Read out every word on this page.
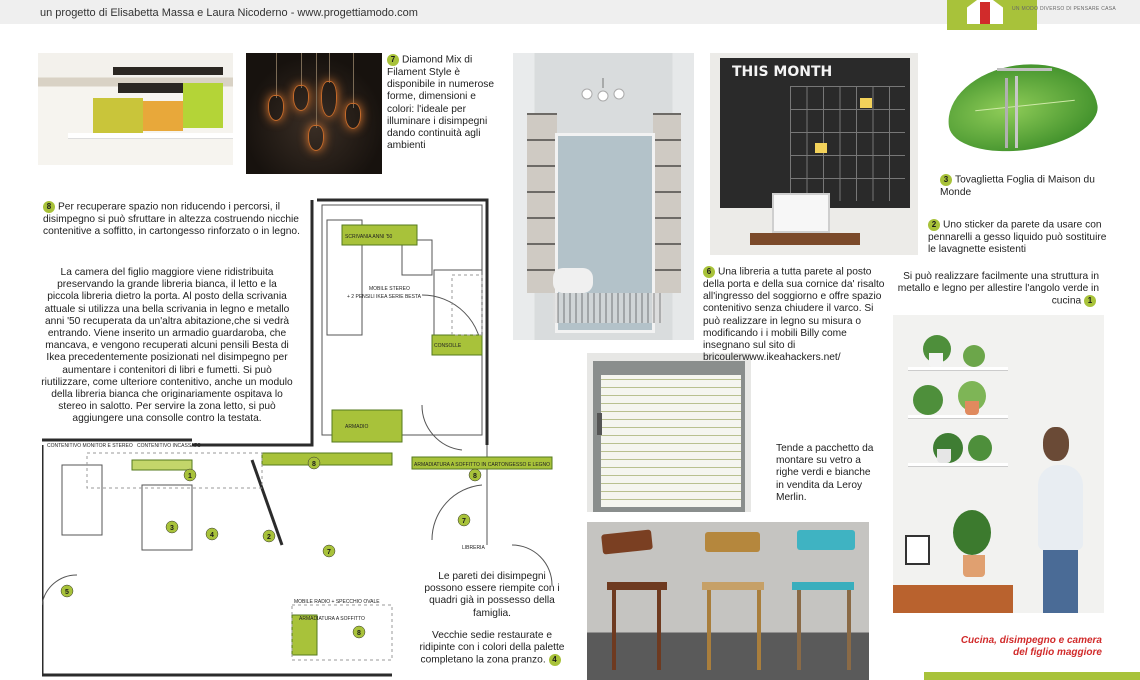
un progetto di Elisabetta Massa e Laura Nicoderno - www.progettiamodo.com	UN MODO DIVERSO DI PENSARE CASA
THIS MONTH
SCRIVANIA ANNI '50
MOBILE STEREO
+ 2 PENSILI IKEA SERIE BESTA
CONSOLLE
ARMADIO
ARMADIATURA A SOFFITTO IN CARTONGESSO E LEGNO
CONTENITIVO MONITOR E STEREO CONTENITIVO INCASSATO
MOBILE RADIO + SPECCHIO OVALE
ARMADIATURA A SOFFITTO
LIBRERIA
1
2
3
4
5
7
7
8
8
8
7 Diamond Mix di Filament Style è disponibile in numerose forme, dimensioni e colori: l'ideale per illuminare i disimpegni dando continuità agli ambienti
8 Per recuperare spazio non riducendo i percorsi, il disimpegno si può sfruttare in altezza costruendo nicchie contenitive a soffitto, in cartongesso rinforzato o in legno.
La camera del figlio maggiore viene ridistribuita preservando la grande libreria bianca, il letto e la piccola libreria dietro la porta. Al posto della scrivania attuale si utilizza una bella scrivania in legno e metallo anni '50 recuperata da un'altra abitazione,che si vedrà entrando. Viene inserito un armadio guardaroba, che mancava, e vengono recuperati alcuni pensili Besta di Ikea precedentemente posizionati nel disimpegno per aumentare i contenitori di libri e fumetti. Si può riutilizzare, come ulteriore contenitivo, anche un modulo della libreria bianca che originariamente ospitava lo stereo in salotto. Per servire la zona letto, si può aggiungere una consolle contro la testata.
3 Tovaglietta Foglia di Maison du Monde
2 Uno sticker da parete da usare con pennarelli a gesso liquido può sostituire le lavagnette esistenti
Si può realizzare facilmente una struttura in metallo e legno per allestire l'angolo verde in cucina 1
6 Una libreria a tutta parete al posto della porta e della sua cornice da' risalto all'ingresso del soggiorno e offre spazio contenitivo senza chiudere il varco. Si può realizzare in legno su misura o modificando i i mobili Billy come insegnano sul sito di bricoulerwww.ikeahackers.net/
Tende a pacchetto da montare su vetro a righe verdi e bianche in vendita da Leroy Merlin.
Le pareti dei disimpegni possono essere riempite con i quadri già in possesso della famiglia.
Vecchie sedie restaurate e ridipinte con i colori della palette completano la zona pranzo. 4
Cucina, disimpegno e camera del figlio maggiore
